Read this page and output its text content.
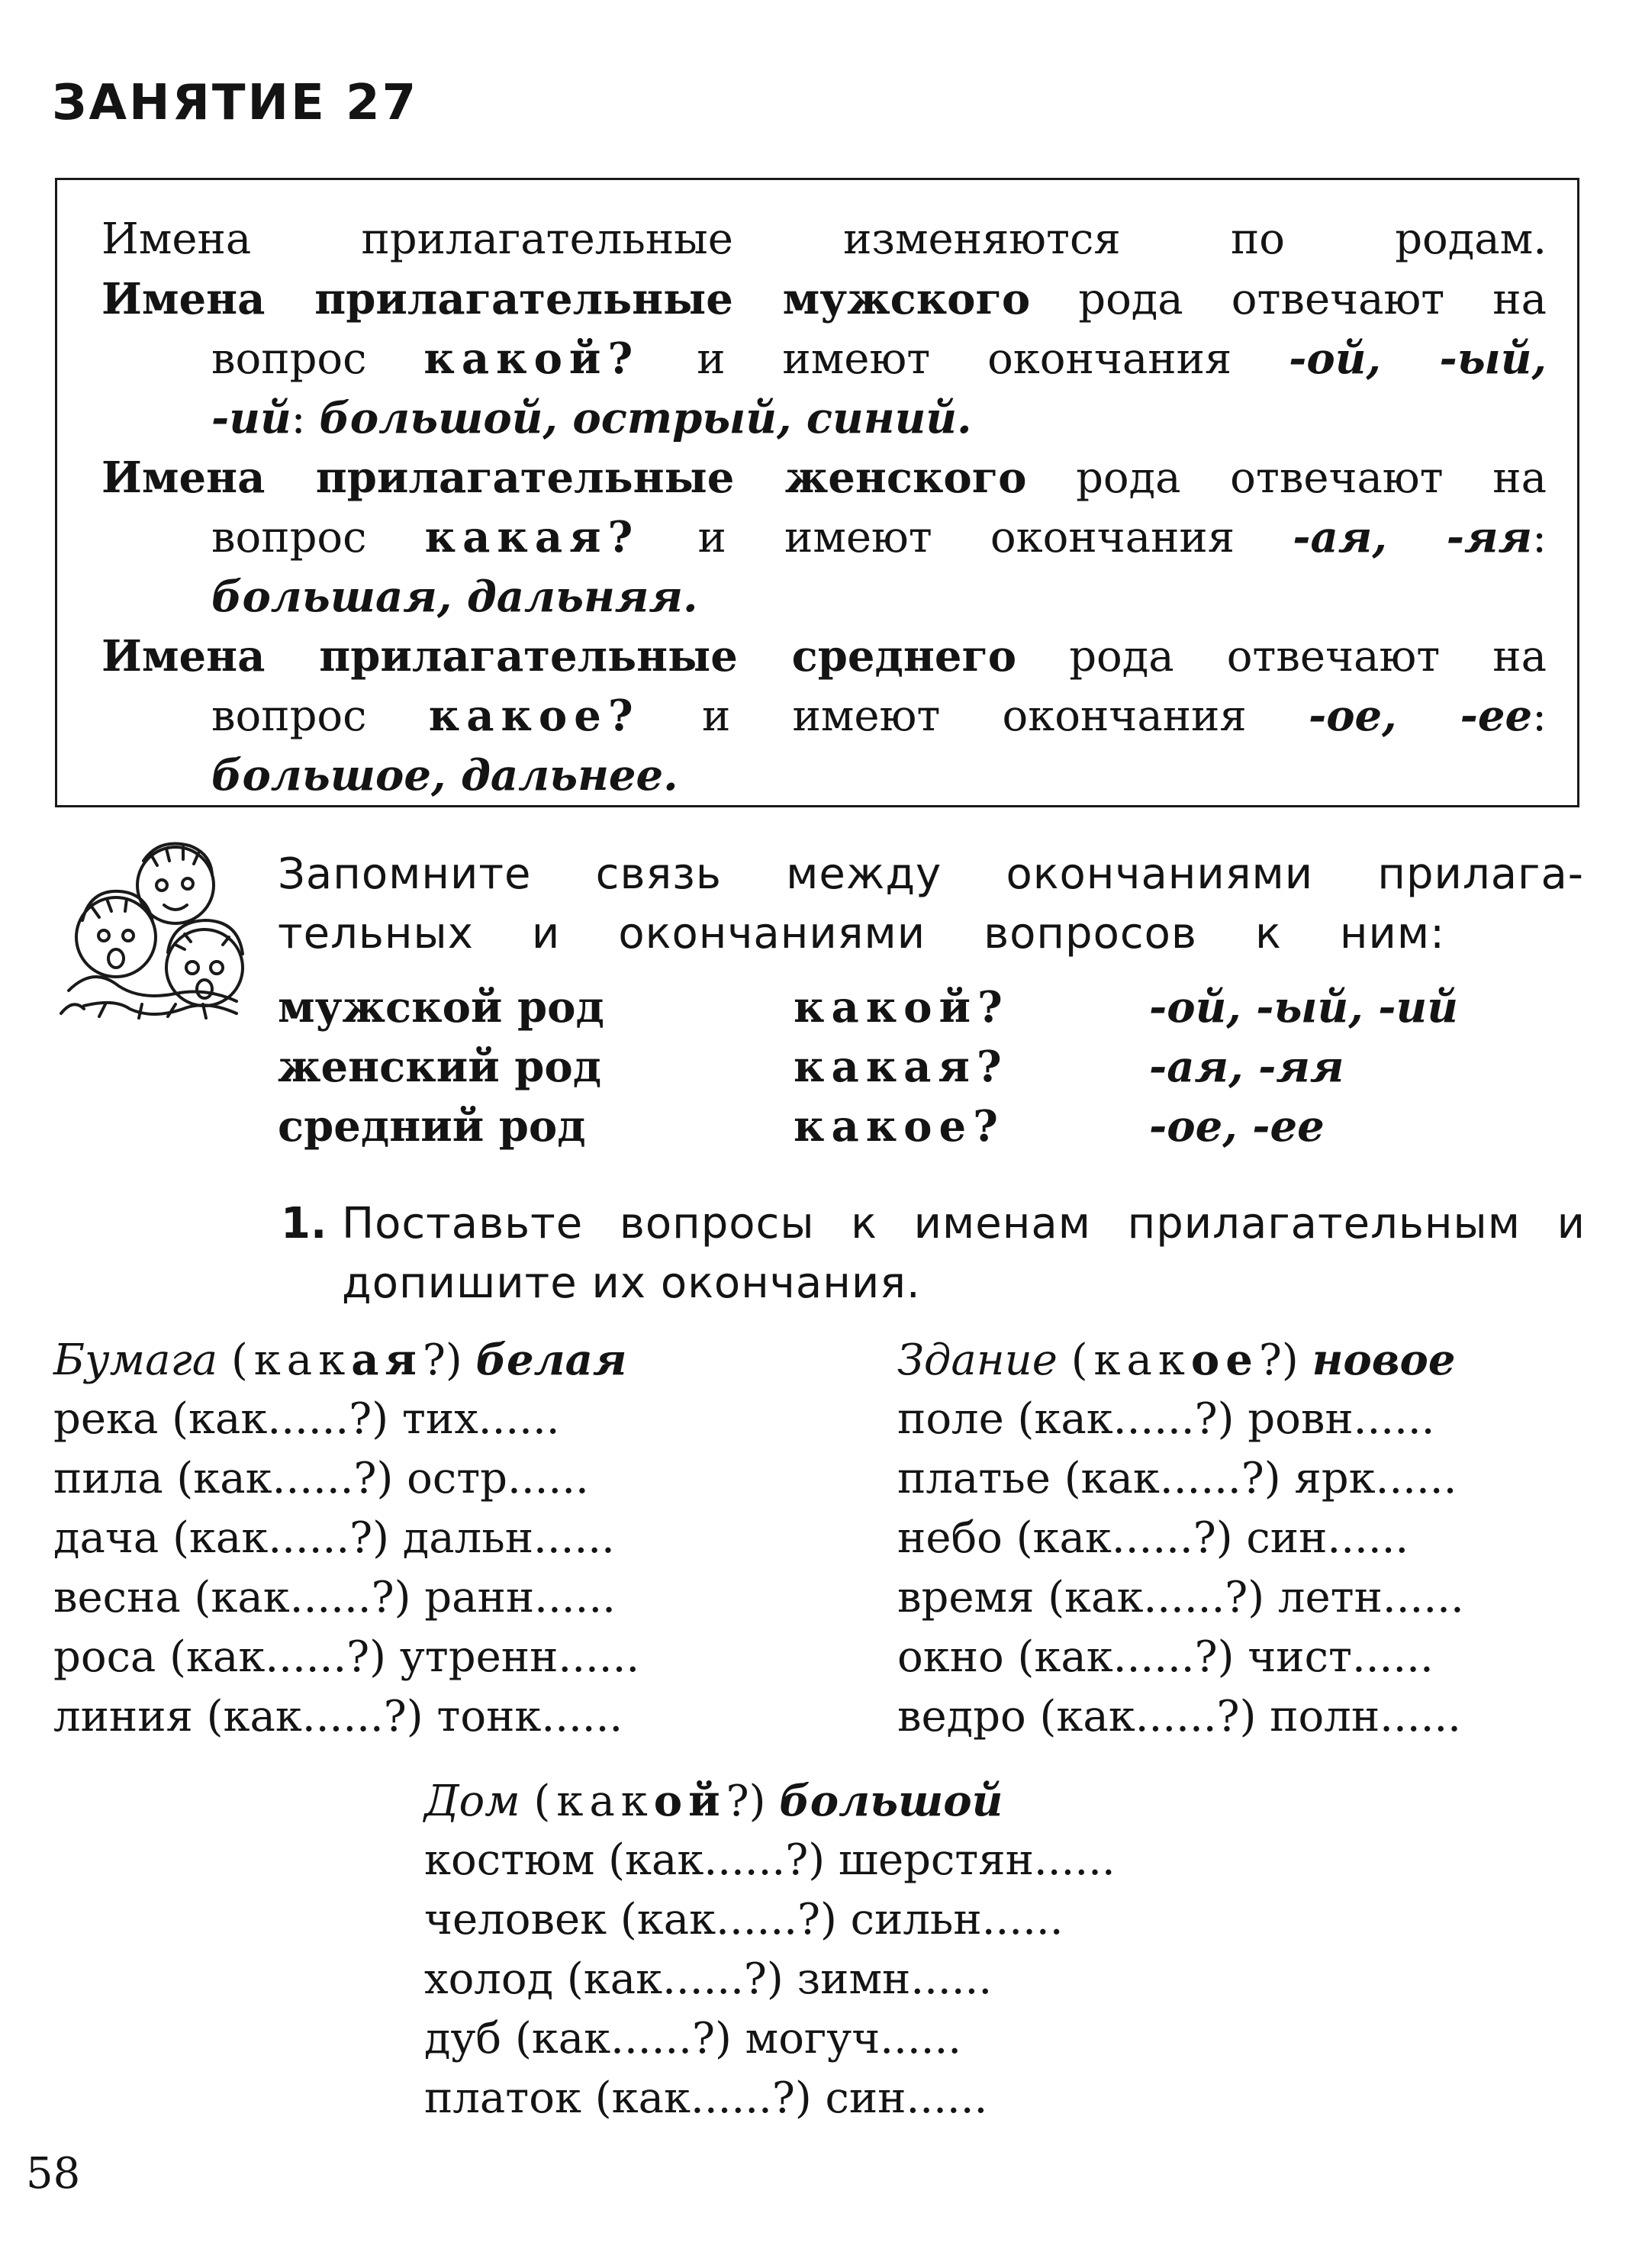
ЗАНЯТИЕ 27
Имена прилагательные изменяются по родам.
Имена прилагательные мужского рода отвечают на
вопрос какой? и имеют окончания -ой, -ый,
-ий: большой, острый, синий.
Имена прилагательные женского рода отвечают на
вопрос какая? и имеют окончания -ая, -яя:
большая, дальняя.
Имена прилагательные среднего рода отвечают на
вопрос какое? и имеют окончания -ое, -ее:
большое, дальнее.
Запомните связь между окончаниями прилага-
тельных и окончаниями вопросов к ним:
мужской род	какой?	-ой, -ый, -ий
женский род	какая?	-ая, -яя
средний род	какое?	-ое, -ее
1. Поставьте вопросы к именам прилагательным и
допишите их окончания.
Бумага (какая?) белая
река (как......?) тих......
пила (как......?) остр......
дача (как......?) дальн......
весна (как......?) ранн......
роса (как......?) утренн......
линия (как......?) тонк......
Здание (какое?) новое
поле (как......?) ровн......
платье (как......?) ярк......
небо (как......?) син......
время (как......?) летн......
окно (как......?) чист......
ведро (как......?) полн......
Дом (какой?) большой
костюм (как......?) шерстян......
человек (как......?) сильн......
холод (как......?) зимн......
дуб (как......?) могуч......
платок (как......?) син......
58
